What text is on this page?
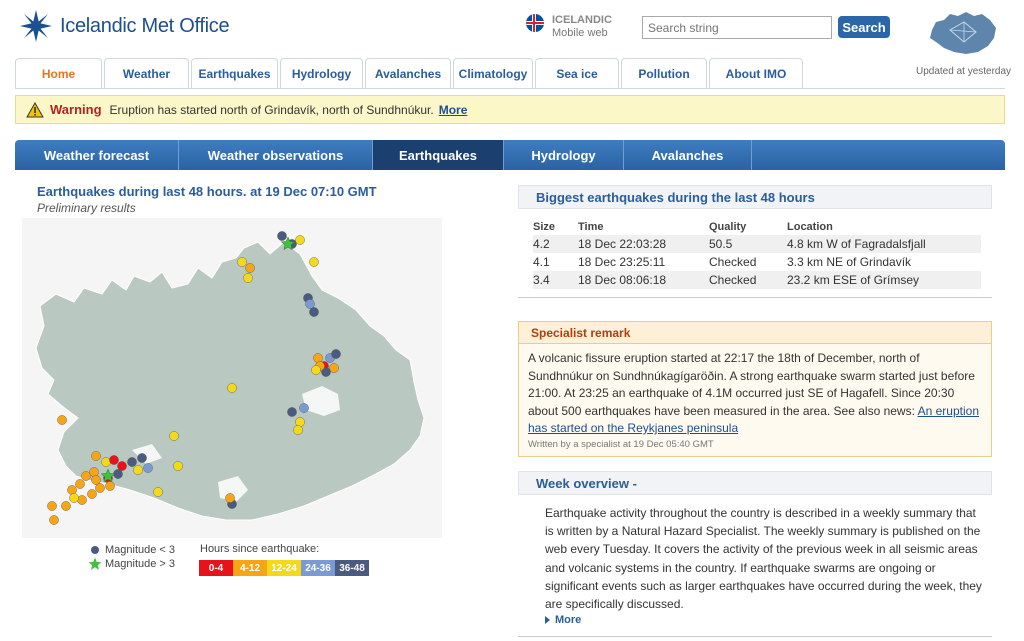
Icelandic Met Office	ICELANDIC
Mobile web
Search string	Search
Updated at yesterday
Home	Weather Earthquakes Hydrology Avalanches Climatology Sea ice	Pollution	About IMO
Warning Eruption has started north of Grindavík, north of Sundhnúkur. More
Weather forecast	Weather observations	Earthquakes	Hydrology	Avalanches
Earthquakes during last 48 hours. at 19 Dec 07:10 GMT
Preliminary results
Magnitude < 3
Magnitude > 3
Hours since earthquake:
0-4	4-12	12-24 24-36 36-48
Biggest earthquakes during the last 48 hours
Size	Time	Quality	Location
4.2	18 Dec 22:03:28	50.5	4.8 km W of Fagradalsfjall
4.1	18 Dec 23:25:11	Checked	3.3 km NE of Grindavík
3.4	18 Dec 08:06:18	Checked	23.2 km ESE of Grímsey
Specialist remark
A volcanic fissure eruption started at 22:17 the 18th of December, north of Sundhnúkur on Sundhnúkagígaröðin. A strong earthquake swarm started just before 21:00. At 23:25 an earthquake of 4.1M occurred just SE of Hagafell. Since 20:30 about 500 earthquakes have been measured in the area. See also news: An eruption has started on the Reykjanes peninsula
Written by a specialist at 19 Dec 05:40 GMT
Week overview -
Earthquake activity throughout the country is described in a weekly summary that is written by a Natural Hazard Specialist. The weekly summary is published on the web every Tuesday. It covers the activity of the previous week in all seismic areas and volcanic systems in the country. If earthquake swarms are ongoing or significant events such as larger earthquakes have occurred during the week, they are specifically discussed.
More
